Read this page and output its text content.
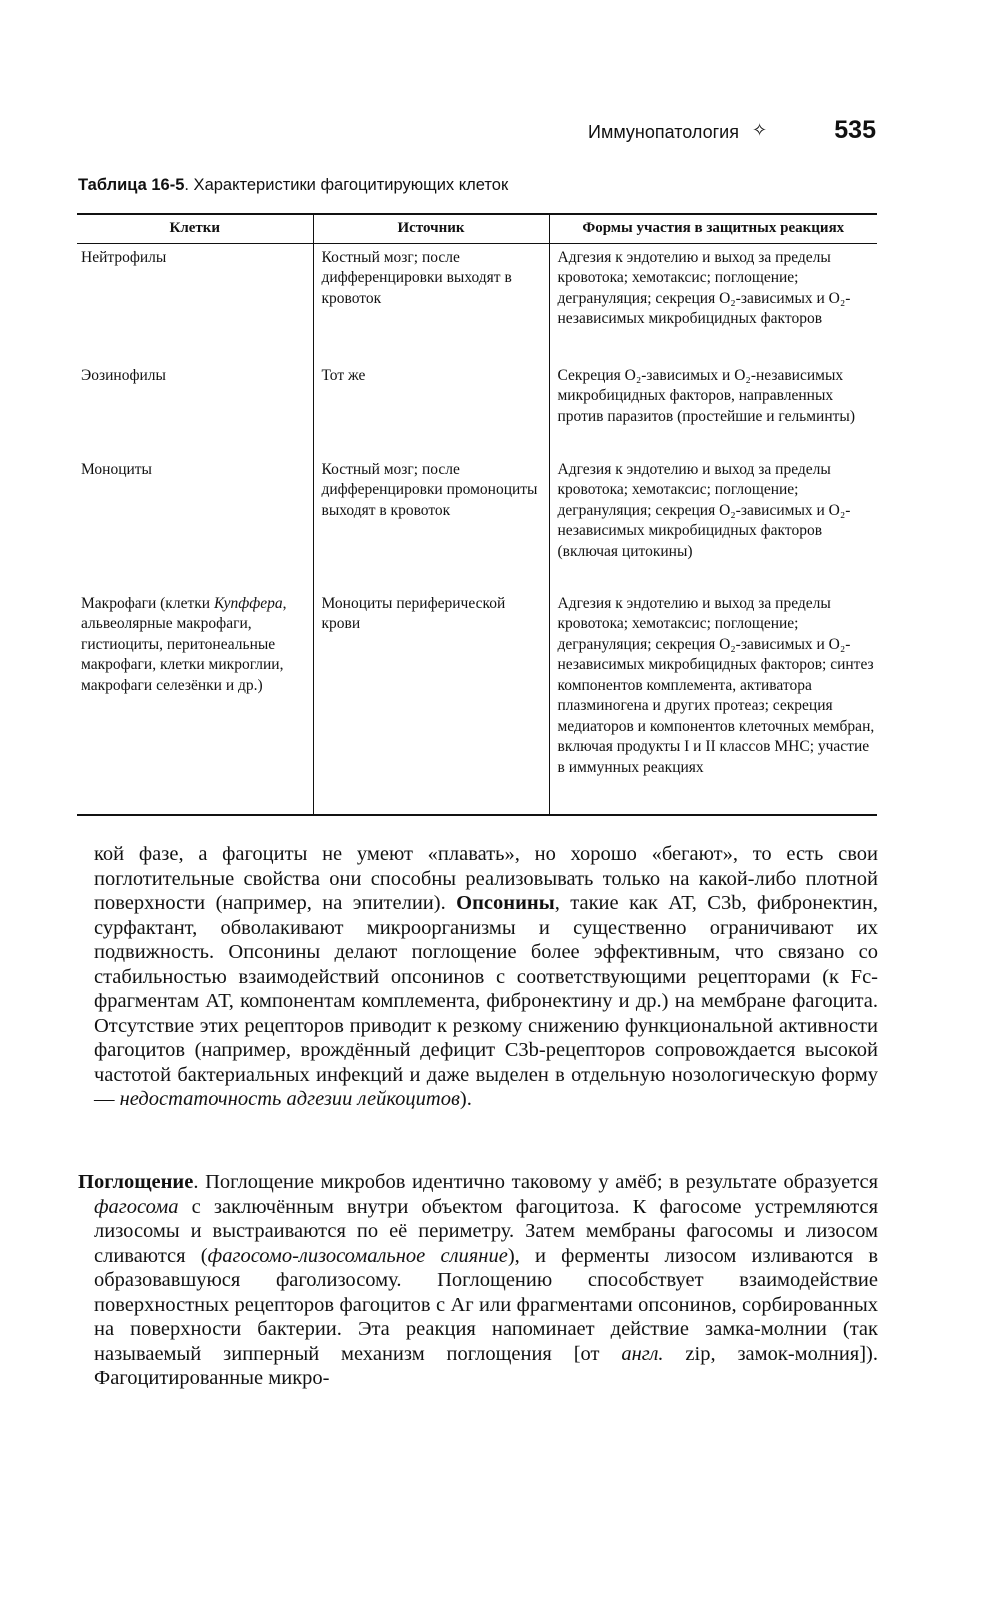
Иммунопатология ✧	535
Таблица 16-5. Характеристики фагоцитирующих клеток
Клетки	Источник	Формы участия в защитных реакциях
Нейтрофилы	Костный мозг; после дифференцировки выходят в кровоток	Адгезия к эндотелию и выход за пределы кровотока; хемотаксис; поглощение; дегрануляция; секреция O₂-зависимых и O₂-независимых микробицидных факторов
Эозинофилы	Тот же	Секреция O₂-зависимых и O₂-независимых микробицидных факторов, направленных против паразитов (простейшие и гельминты)
Моноциты	Костный мозг; после дифференцировки промоноциты выходят в кровоток	Адгезия к эндотелию и выход за пределы кровотока; хемотаксис; поглощение; дегрануляция; секреция O₂-зависимых и O₂-независимых микробицидных факторов (включая цитокины)
Макрофаги (клетки Купффера, альвеолярные макрофаги, гистиоциты, перитонеальные макрофаги, клетки микроглии, макрофаги селезёнки и др.)	Моноциты периферической крови	Адгезия к эндотелию и выход за пределы кровотока; хемотаксис; поглощение; дегрануляция; секреция O₂-зависимых и O₂-независимых микробицидных факторов; синтез компонентов комплемента, активатора плазминогена и других протеаз; секреция медиаторов и компонентов клеточных мембран, включая продукты I и II классов MHC; участие в иммунных реакциях

кой фазе, а фагоциты не умеют «плавать», но хорошо «бегают», то есть свои поглотительные свойства они способны реализовывать только на какой-либо плотной поверхности (например, на эпителии). Опсонины, такие как АТ, C3b, фибронектин, сурфактант, обволакивают микроорганизмы и существенно ограничивают их подвижность. Опсонины делают поглощение более эффективным, что связано со стабильностью взаимодействий опсонинов с соответствующими рецепторами (к Fc-фрагментам АТ, компонентам комплемента, фибронектину и др.) на мембране фагоцита. Отсутствие этих рецепторов приводит к резкому снижению функциональной активности фагоцитов (например, врождённый дефицит C3b-рецепторов сопровождается высокой частотой бактериальных инфекций и даже выделен в отдельную нозологическую форму — недостаточность адгезии лейкоцитов).

Поглощение. Поглощение микробов идентично таковому у амёб; в результате образуется фагосома с заключённым внутри объектом фагоцитоза. К фагосоме устремляются лизосомы и выстраиваются по её периметру. Затем мембраны фагосомы и лизосом сливаются (фагосомо-лизосомальное слияние), и ферменты лизосом изливаются в образовавшуюся фаголизосому. Поглощению способствует взаимодействие поверхностных рецепторов фагоцитов с Аг или фрагментами опсонинов, сорбированных на поверхности бактерии. Эта реакция напоминает действие замка-молнии (так называемый зипперный механизм поглощения [от англ. zip, замок-молния]). Фагоцитированные микро-
